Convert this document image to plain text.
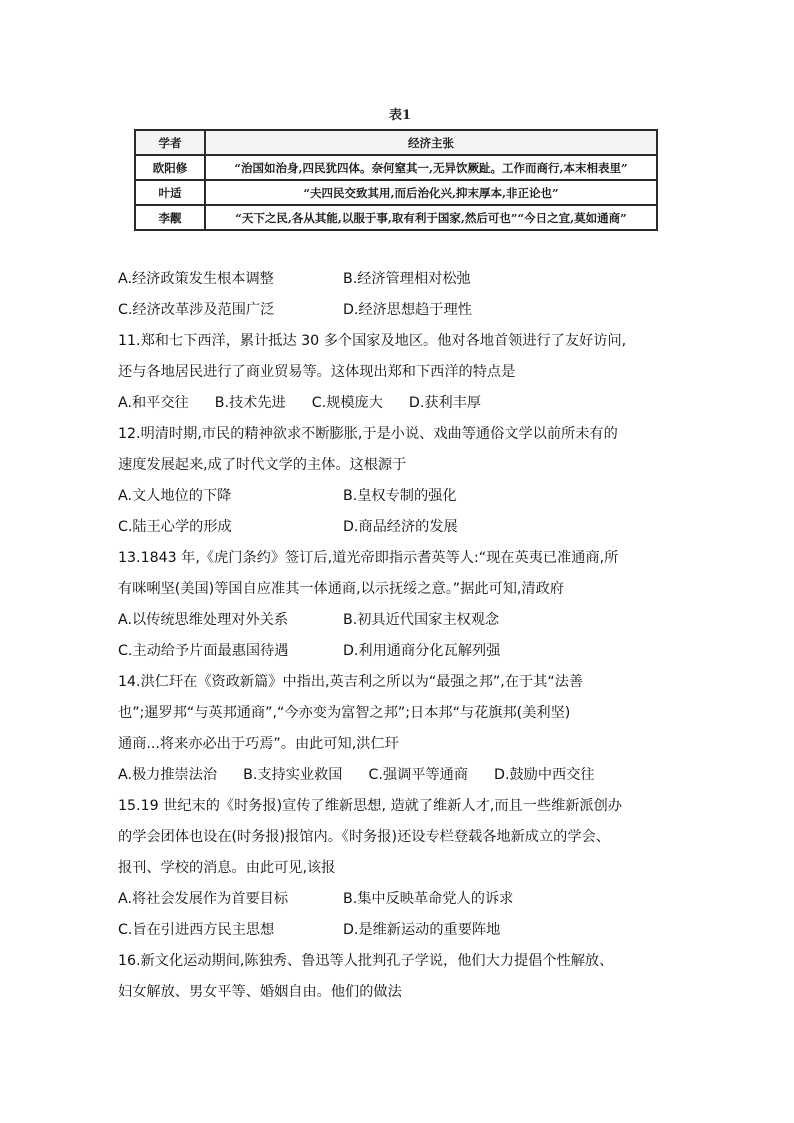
表1
学者	经济主张
欧阳修	“治国如治身,四民犹四体。奈何窒其一,无异饮厥趾。工作而商行,本末相表里”
叶适	“夫四民交致其用,而后治化兴,抑末厚本,非正论也”
李觏	“天下之民,各从其能,以服于事,取有利于国家,然后可也”“今日之宜,莫如通商”
A.经济政策发生根本调整	B.经济管理相对松弛
C.经济改革涉及范围广泛	D.经济思想趋于理性
11.郑和七下西洋，累计抵达 30 多个国家及地区。他对各地首领进行了友好访问,
还与各地居民进行了商业贸易等。这体现出郑和下西洋的特点是
A.和平交往 B.技术先进 C.规模庞大 D.获利丰厚
12.明清时期,市民的精神欲求不断膨胀,于是小说、戏曲等通俗文学以前所未有的
速度发展起来,成了时代文学的主体。这根源于
A.文人地位的下降	B.皇权专制的强化
C.陆王心学的形成	D.商品经济的发展
13.1843 年,《虎门条约》签订后,道光帝即指示耆英等人:“现在英夷已准通商,所
有咪唎坚(美国)等国自应准其一体通商,以示抚绥之意。”据此可知,清政府
A.以传统思维处理对外关系	B.初具近代国家主权观念
C.主动给予片面最惠国待遇	D.利用通商分化瓦解列强
14.洪仁玕在《资政新篇》中指出,英吉利之所以为“最强之邦”,在于其“法善
也”;暹罗邦“与英邦通商”,“今亦变为富智之邦”;日本邦“与花旗邦(美利坚)
通商...将来亦必出于巧焉”。由此可知,洪仁玕
A.极力推崇法治 B.支持实业救国 C.强调平等通商 D.鼓励中西交往
15.19 世纪末的《时务报)宣传了维新思想, 造就了维新人才,而且一些维新派创办
的学会团体也设在(时务报)报馆内。《时务报)还设专栏登载各地新成立的学会、
报刊、学校的消息。由此可见,该报
A.将社会发展作为首要目标	B.集中反映革命党人的诉求
C.旨在引进西方民主思想	D.是维新运动的重要阵地
16.新文化运动期间,陈独秀、鲁迅等人批判孔子学说，他们大力提倡个性解放、
妇女解放、男女平等、婚姻自由。他们的做法
